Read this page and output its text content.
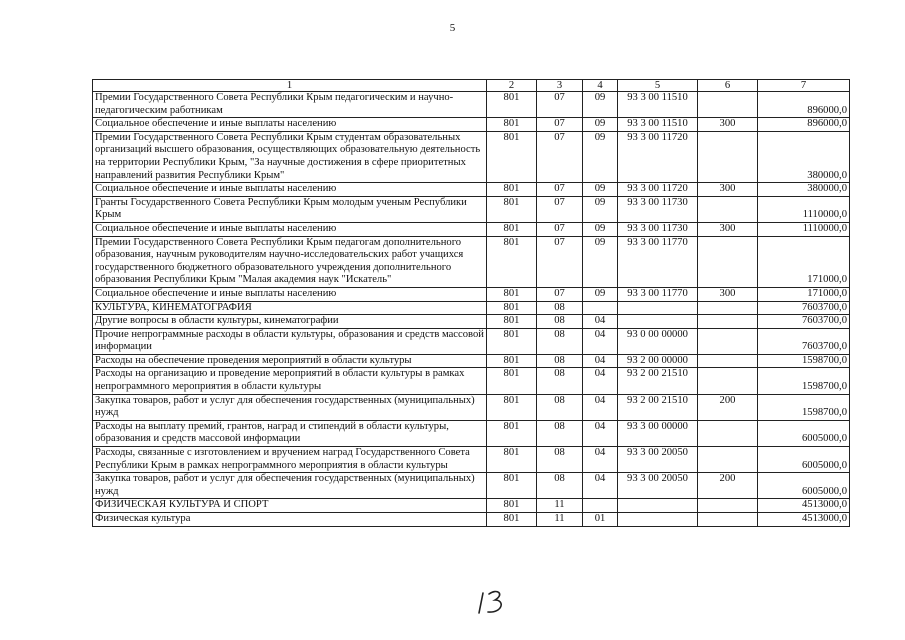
5
1	2	3	4	5	6	7
Премии Государственного Совета Республики Крым педагогическим и научно-педагогическим работникам	801	07	09	93 3 00 11510		896000,0
Социальное обеспечение и иные выплаты населению	801	07	09	93 3 00 11510	300	896000,0
Премии Государственного Совета Республики Крым студентам образовательных организаций высшего образования, осуществляющих образовательную деятельность на территории Республики Крым, "За научные достижения в сфере приоритетных направлений развития Республики Крым"	801	07	09	93 3 00 11720		380000,0
Социальное обеспечение и иные выплаты населению	801	07	09	93 3 00 11720	300	380000,0
Гранты Государственного Совета Республики Крым молодым ученым Республики Крым	801	07	09	93 3 00 11730		1110000,0
Социальное обеспечение и иные выплаты населению	801	07	09	93 3 00 11730	300	1110000,0
Премии Государственного Совета Республики Крым педагогам дополнительного образования, научным руководителям научно-исследовательских работ учащихся государственного бюджетного образовательного учреждения дополнительного образования Республики Крым "Малая академия наук "Искатель"	801	07	09	93 3 00 11770		171000,0
Социальное обеспечение и иные выплаты населению	801	07	09	93 3 00 11770	300	171000,0
КУЛЬТУРА, КИНЕМАТОГРАФИЯ	801	08				7603700,0
Другие вопросы в области культуры, кинематографии	801	08	04			7603700,0
Прочие непрограммные расходы в области культуры, образования и средств массовой информации	801	08	04	93 0 00 00000		7603700,0
Расходы на обеспечение проведения мероприятий в области культуры	801	08	04	93 2 00 00000		1598700,0
Расходы на организацию и проведение мероприятий в области культуры в рамках непрограммного мероприятия в области культуры	801	08	04	93 2 00 21510		1598700,0
Закупка товаров, работ и услуг для обеспечения государственных (муниципальных) нужд	801	08	04	93 2 00 21510	200	1598700,0
Расходы на выплату премий, грантов, наград и стипендий в области культуры, образования и средств массовой информации	801	08	04	93 3 00 00000		6005000,0
Расходы, связанные с изготовлением и вручением наград Государственного Совета Республики Крым в рамках непрограммного мероприятия в области культуры	801	08	04	93 3 00 20050		6005000,0
Закупка товаров, работ и услуг для обеспечения государственных (муниципальных) нужд	801	08	04	93 3 00 20050	200	6005000,0
ФИЗИЧЕСКАЯ КУЛЬТУРА И СПОРТ	801	11				4513000,0
Физическая культура	801	11	01			4513000,0
